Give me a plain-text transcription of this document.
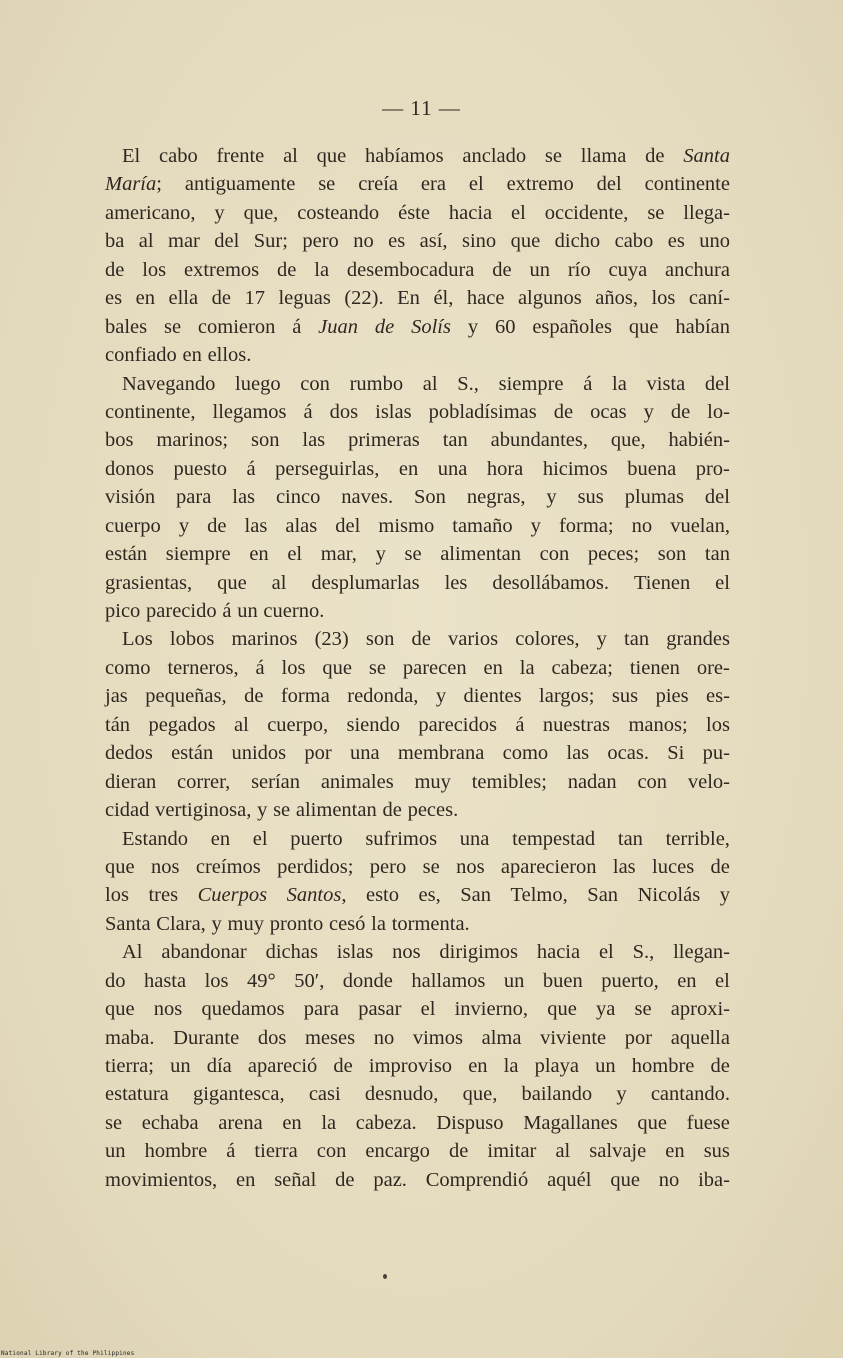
— 11 —
El cabo frente al que habíamos anclado se llama de Santa
María; antiguamente se creía era el extremo del continente
americano, y que, costeando éste hacia el occidente, se llega-
ba al mar del Sur; pero no es así, sino que dicho cabo es uno
de los extremos de la desembocadura de un río cuya anchura
es en ella de 17 leguas (22). En él, hace algunos años, los caní-
bales se comieron á Juan de Solís y 60 españoles que habían
confiado en ellos.
Navegando luego con rumbo al S., siempre á la vista del
continente, llegamos á dos islas pobladísimas de ocas y de lo-
bos marinos; son las primeras tan abundantes, que, habién-
donos puesto á perseguirlas, en una hora hicimos buena pro-
visión para las cinco naves. Son negras, y sus plumas del
cuerpo y de las alas del mismo tamaño y forma; no vuelan,
están siempre en el mar, y se alimentan con peces; son tan
grasientas, que al desplumarlas les desollábamos. Tienen el
pico parecido á un cuerno.
Los lobos marinos (23) son de varios colores, y tan grandes
como terneros, á los que se parecen en la cabeza; tienen ore-
jas pequeñas, de forma redonda, y dientes largos; sus pies es-
tán pegados al cuerpo, siendo parecidos á nuestras manos; los
dedos están unidos por una membrana como las ocas. Si pu-
dieran correr, serían animales muy temibles; nadan con velo-
cidad vertiginosa, y se alimentan de peces.
Estando en el puerto sufrimos una tempestad tan terrible,
que nos creímos perdidos; pero se nos aparecieron las luces de
los tres Cuerpos Santos, esto es, San Telmo, San Nicolás y
Santa Clara, y muy pronto cesó la tormenta.
Al abandonar dichas islas nos dirigimos hacia el S., llegan-
do hasta los 49° 50′, donde hallamos un buen puerto, en el
que nos quedamos para pasar el invierno, que ya se aproxi-
maba. Durante dos meses no vimos alma viviente por aquella
tierra; un día apareció de improviso en la playa un hombre de
estatura gigantesca, casi desnudo, que, bailando y cantando.
se echaba arena en la cabeza. Dispuso Magallanes que fuese
un hombre á tierra con encargo de imitar al salvaje en sus
movimientos, en señal de paz. Comprendió aquél que no iba-
National Library of the Philippines
